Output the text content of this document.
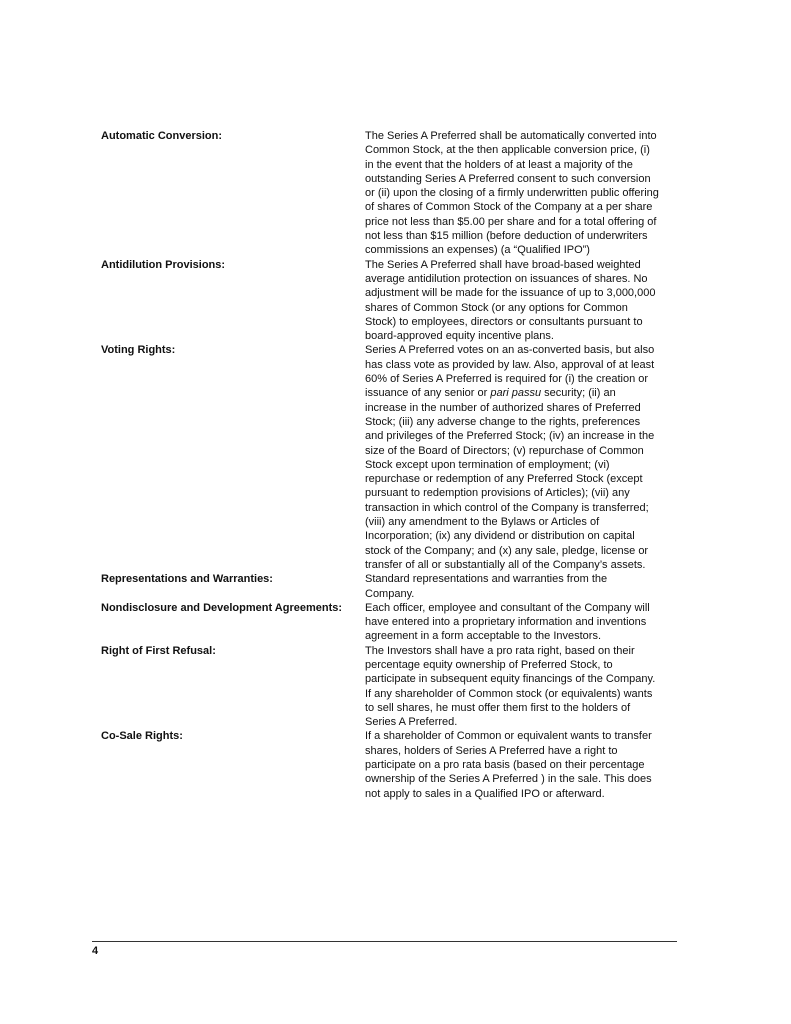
Automatic Conversion:	The Series A Preferred shall be automatically converted into Common Stock, at the then applicable conversion price, (i) in the event that the holders of at least a majority of the outstanding Series A Preferred consent to such conversion or (ii) upon the closing of a firmly underwritten public offering of shares of Common Stock of the Company at a per share price not less than $5.00 per share and for a total offering of not less than $15 million (before deduction of underwriters commissions an expenses) (a “Qualified IPO”)

Antidilution Provisions:	The Series A Preferred shall have broad-based weighted average antidilution protection on issuances of shares. No adjustment will be made for the issuance of up to 3,000,000 shares of Common Stock (or any options for Common Stock) to employees, directors or consultants pursuant to board-approved equity incentive plans.

Voting Rights:	Series A Preferred votes on an as-converted basis, but also has class vote as provided by law. Also, approval of at least 60% of Series A Preferred is required for (i) the creation or issuance of any senior or pari passu security; (ii) an increase in the number of authorized shares of Preferred Stock; (iii) any adverse change to the rights, preferences and privileges of the Preferred Stock; (iv) an increase in the size of the Board of Directors; (v) repurchase of Common Stock except upon termination of employment; (vi) repurchase or redemption of any Preferred Stock (except pursuant to redemption provisions of Articles); (vii) any transaction in which control of the Company is transferred; (viii) any amendment to the Bylaws or Articles of Incorporation; (ix) any dividend or distribution on capital stock of the Company; and (x) any sale, pledge, license or transfer of all or substantially all of the Company’s assets.

Representations and Warranties:	Standard representations and warranties from the Company.

Nondisclosure and Development Agreements:	Each officer, employee and consultant of the Company will have entered into a proprietary information and inventions agreement in a form acceptable to the Investors.

Right of First Refusal:	The Investors shall have a pro rata right, based on their percentage equity ownership of Preferred Stock, to participate in subsequent equity financings of the Company. If any shareholder of Common stock (or equivalents) wants to sell shares, he must offer them first to the holders of Series A Preferred.

Co-Sale Rights:	If a shareholder of Common or equivalent wants to transfer shares, holders of Series A Preferred have a right to participate on a pro rata basis (based on their percentage ownership of the Series A Preferred ) in the sale. This does not apply to sales in a Qualified IPO or afterward.

4
